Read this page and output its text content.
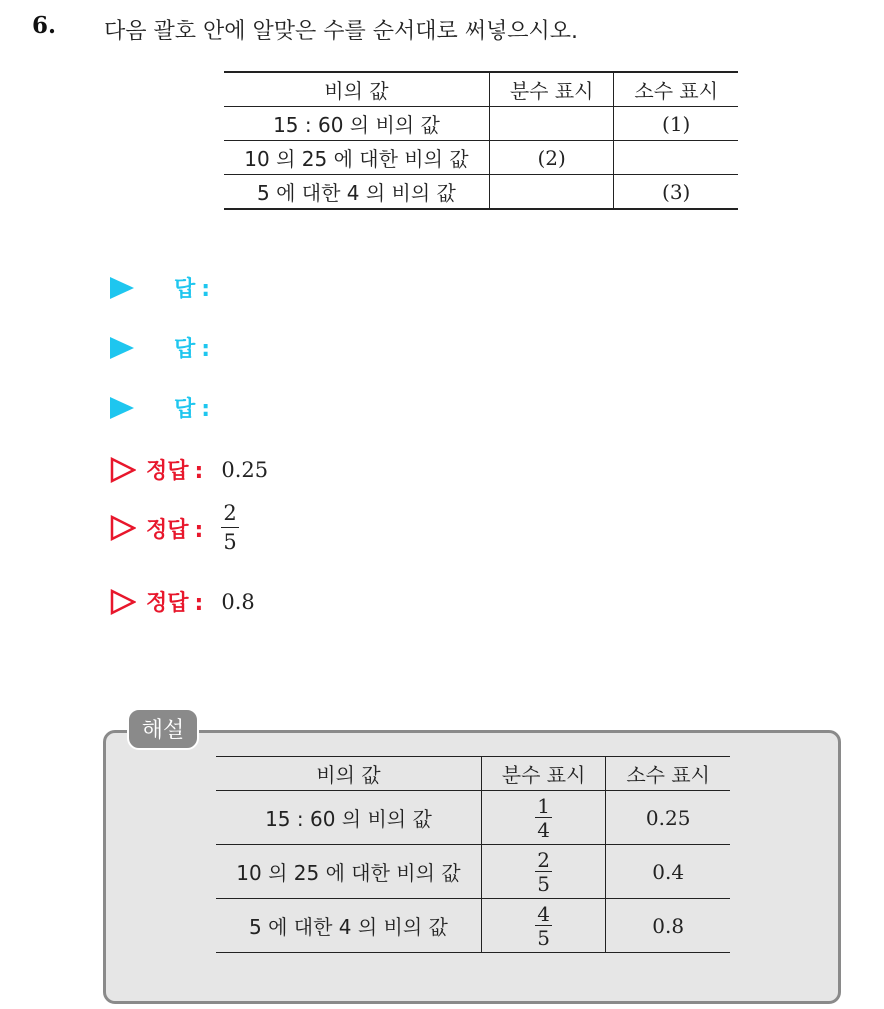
6. 다음 괄호 안에 알맞은 수를 순서대로 써넣으시오.
비의 값	분수 표시	소수 표시
15 : 60 의 비의 값		(1)
10 의 25 에 대한 비의 값	(2)	
5 에 대한 4 의 비의 값		(3)
답 :
답 :
답 :
정답 : 0.25
정답 : $\frac{2}{5}$
정답 : 0.8
해설
비의 값	분수 표시	소수 표시
15 : 60 의 비의 값	$\frac{1}{4}$	0.25
10 의 25 에 대한 비의 값	$\frac{2}{5}$	0.4
5 에 대한 4 의 비의 값	$\frac{4}{5}$	0.8
